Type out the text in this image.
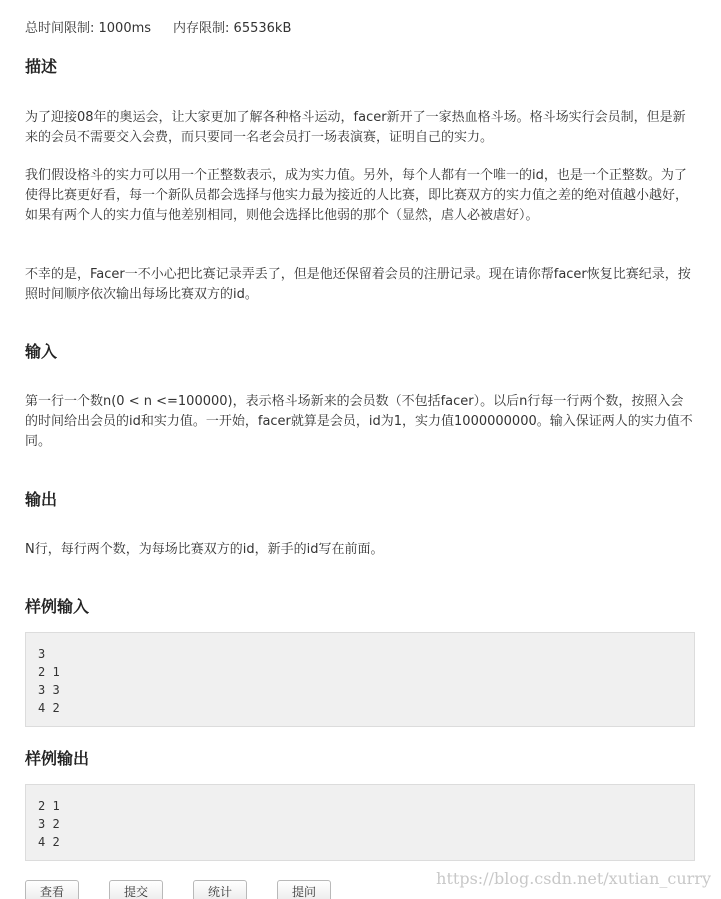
总时间限制: 1000ms 内存限制: 65536kB
描述
为了迎接08年的奥运会，让大家更加了解各种格斗运动，facer新开了一家热血格斗场。格斗场实行会员制，但是新来的会员不需要交入会费，而只要同一名老会员打一场表演赛，证明自己的实力。
我们假设格斗的实力可以用一个正整数表示，成为实力值。另外，每个人都有一个唯一的id，也是一个正整数。为了使得比赛更好看，每一个新队员都会选择与他实力最为接近的人比赛，即比赛双方的实力值之差的绝对值越小越好，如果有两个人的实力值与他差别相同，则他会选择比他弱的那个（显然，虐人必被虐好）。
不幸的是，Facer一不小心把比赛记录弄丢了，但是他还保留着会员的注册记录。现在请你帮facer恢复比赛纪录，按照时间顺序依次输出每场比赛双方的id。
输入
第一行一个数n(0 < n <=100000)，表示格斗场新来的会员数（不包括facer）。以后n行每一行两个数，按照入会的时间给出会员的id和实力值。一开始，facer就算是会员，id为1，实力值1000000000。输入保证两人的实力值不同。
输出
N行，每行两个数，为每场比赛双方的id，新手的id写在前面。
样例输入
3
2 1
3 3
4 2
样例输出
2 1
3 2
4 2
查看	提交	统计	提问
https://blog.csdn.net/xutian_curry
